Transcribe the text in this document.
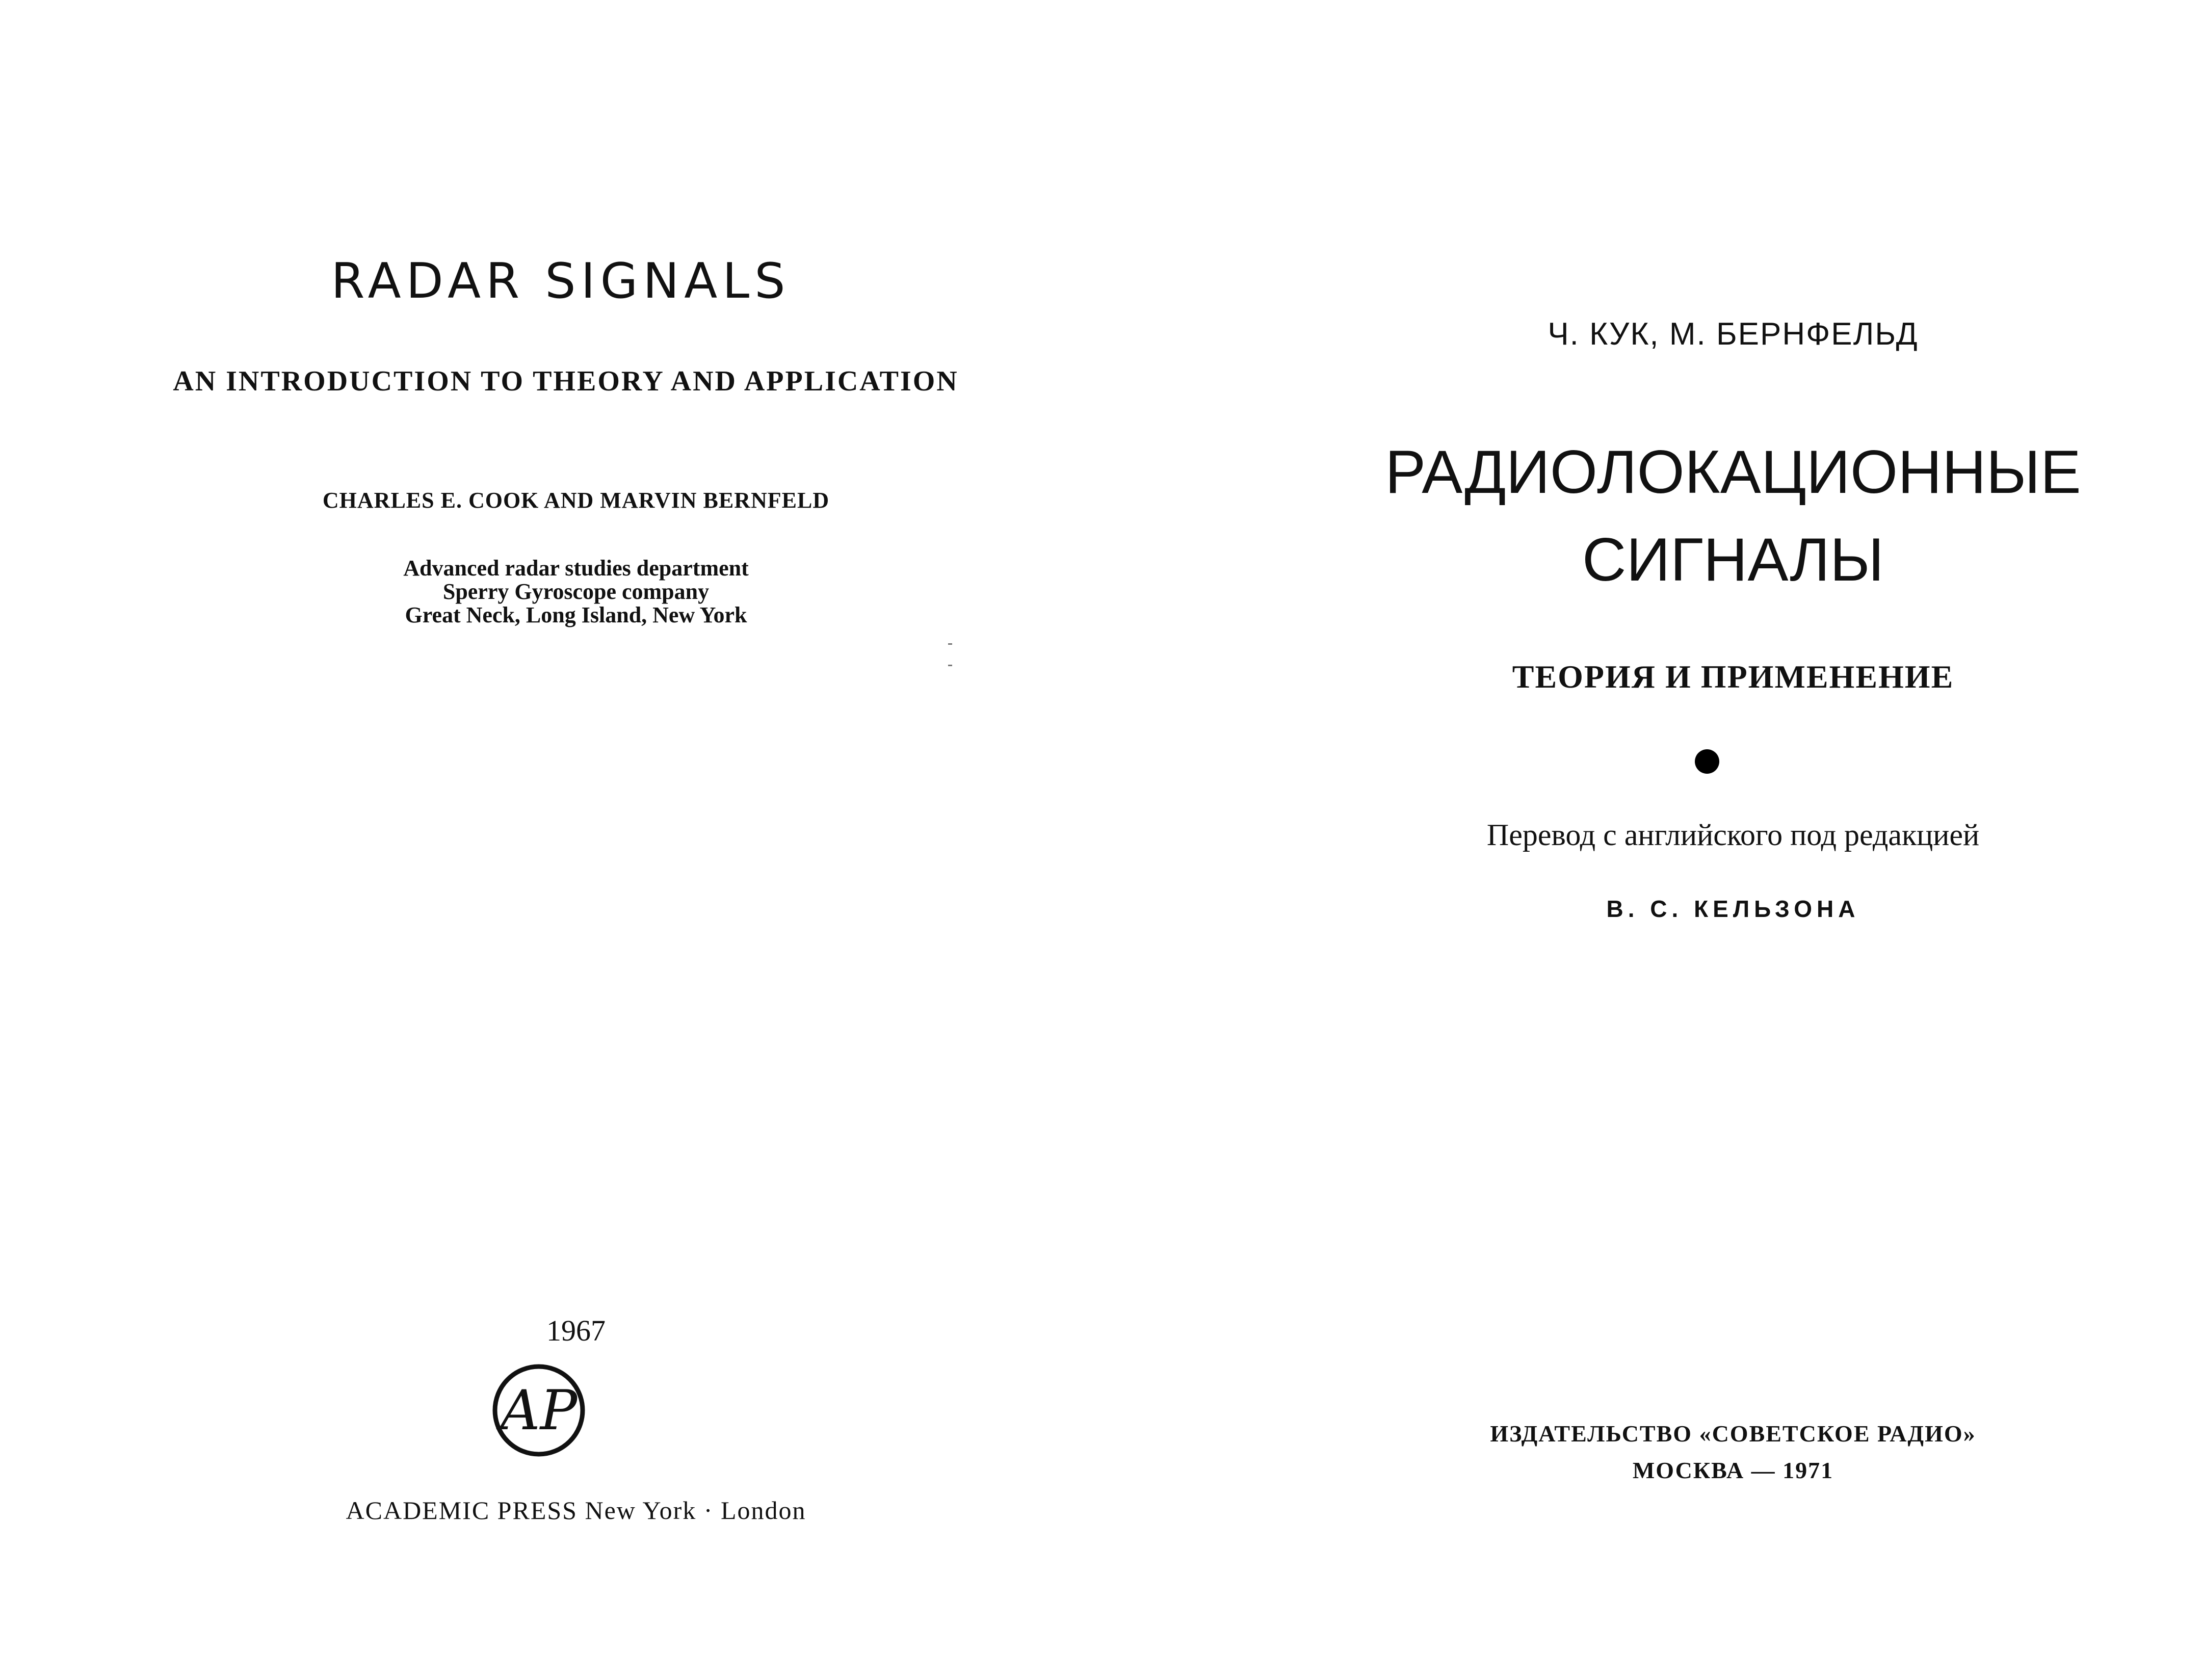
RADAR SIGNALS
AN INTRODUCTION TO THEORY AND APPLICATION
CHARLES E. COOK AND MARVIN BERNFELD
Advanced radar studies department
Sperry Gyroscope company
Great Neck, Long Island, New York
1967
AP
ACADEMIC PRESS New York · London
Ч. КУК, М. БЕРНФЕЛЬД
РАДИОЛОКАЦИОННЫЕ
СИГНАЛЫ
ТЕОРИЯ И ПРИМЕНЕНИЕ
Перевод с английского под редакцией
В. С. КЕЛЬЗОНА
ИЗДАТЕЛЬСТВО «СОВЕТСКОЕ РАДИО»
МОСКВА — 1971
